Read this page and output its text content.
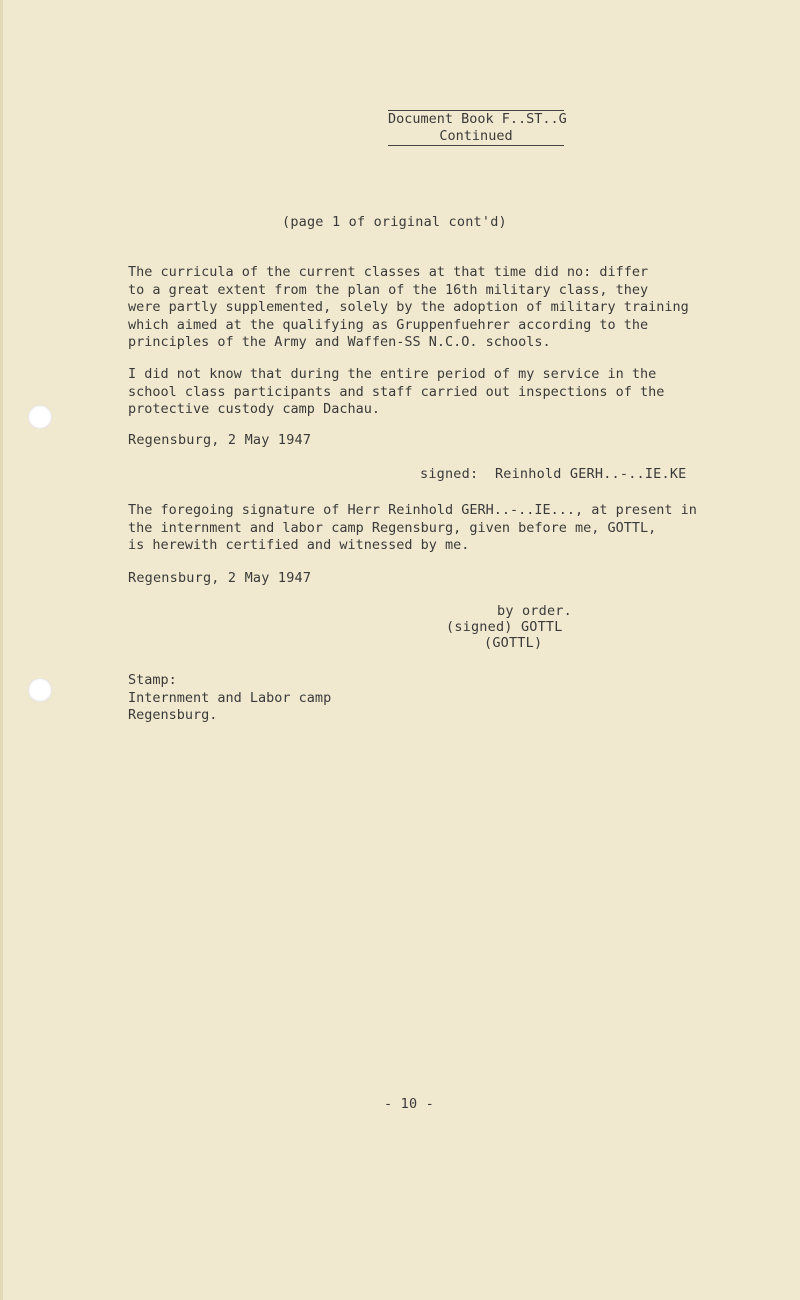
Document Book F..ST..G
Continued
(page 1 of original cont'd)
The curricula of the current classes at that time did no: differ
to a great extent from the plan of the 16th military class, they
were partly supplemented, solely by the adoption of military training
which aimed at the qualifying as Gruppenfuehrer according to the
principles of the Army and Waffen-SS N.C.O. schools.
I did not know that during the entire period of my service in the
school class participants and staff carried out inspections of the
protective custody camp Dachau.
Regensburg, 2 May 1947
signed:  Reinhold GERH..-..IE.KE
The foregoing signature of Herr Reinhold GERH..-..IE..., at present in
the internment and labor camp Regensburg, given before me, GOTTL,
is herewith certified and witnessed by me.
Regensburg, 2 May 1947
by order.
(signed) GOTTL
(GOTTL)
Stamp:
Internment and Labor camp
Regensburg.
- 10 -
